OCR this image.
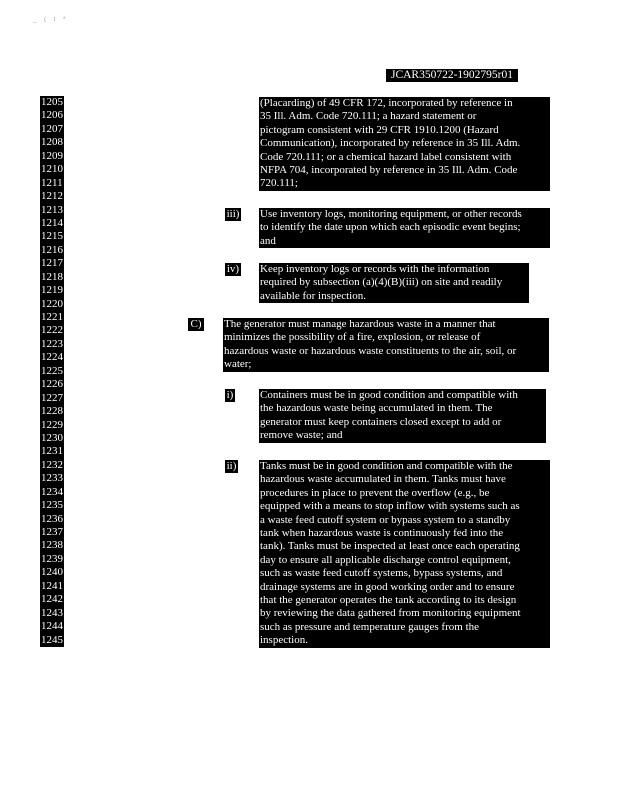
_ ( t *
JCAR350722-1902795r01
1205
1206
1207
1208
1209
1210
1211
1212
1213
1214
1215
1216
1217
1218
1219
1220
1221
1222
1223
1224
1225
1226
1227
1228
1229
1230
1231
1232
1233
1234
1235
1236
1237
1238
1239
1240
1241
1242
1243
1244
1245
(Placarding) of 49 CFR 172, incorporated by reference in
35 Ill. Adm. Code 720.111; a hazard statement or
pictogram consistent with 29 CFR 1910.1200 (Hazard
Communication), incorporated by reference in 35 Ill. Adm.
Code 720.111; or a chemical hazard label consistent with
NFPA 704, incorporated by reference in 35 Ill. Adm. Code
720.111;
iii) Use inventory logs, monitoring equipment, or other records
to identify the date upon which each episodic event begins;
and
iv) Keep inventory logs or records with the information
required by subsection (a)(4)(B)(iii) on site and readily
available for inspection.
C) The generator must manage hazardous waste in a manner that
minimizes the possibility of a fire, explosion, or release of
hazardous waste or hazardous waste constituents to the air, soil, or
water;
i) Containers must be in good condition and compatible with
the hazardous waste being accumulated in them. The
generator must keep containers closed except to add or
remove waste; and
ii) Tanks must be in good condition and compatible with the
hazardous waste accumulated in them. Tanks must have
procedures in place to prevent the overflow (e.g., be
equipped with a means to stop inflow with systems such as
a waste feed cutoff system or bypass system to a standby
tank when hazardous waste is continuously fed into the
tank). Tanks must be inspected at least once each operating
day to ensure all applicable discharge control equipment,
such as waste feed cutoff systems, bypass systems, and
drainage systems are in good working order and to ensure
that the generator operates the tank according to its design
by reviewing the data gathered from monitoring equipment
such as pressure and temperature gauges from the
inspection.
